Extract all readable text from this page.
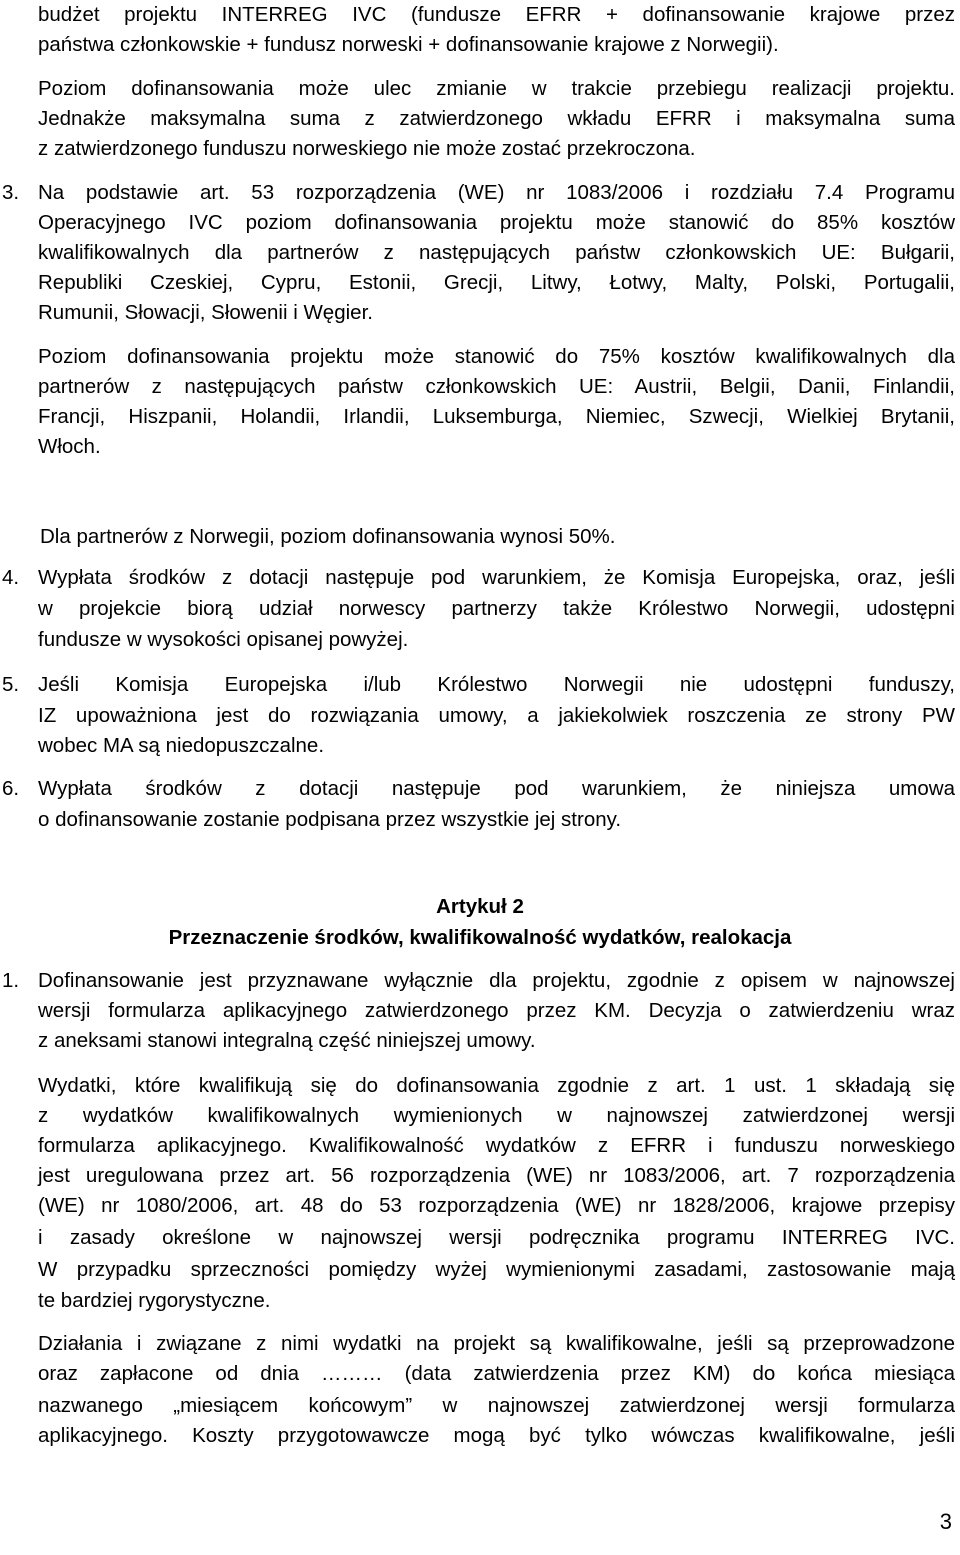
budżet projektu INTERREG IVC (fundusze EFRR + dofinansowanie krajowe przez
państwa członkowskie + fundusz norweski + dofinansowanie krajowe z Norwegii).
Poziom dofinansowania może ulec zmianie w trakcie przebiegu realizacji projektu.
Jednakże maksymalna suma z zatwierdzonego wkładu EFRR i maksymalna suma
z zatwierdzonego funduszu norweskiego nie może zostać przekroczona.
3. Na podstawie art. 53 rozporządzenia (WE) nr 1083/2006 i rozdziału 7.4 Programu
Operacyjnego IVC poziom dofinansowania projektu może stanowić do 85% kosztów
kwalifikowalnych dla partnerów z następujących państw członkowskich UE: Bułgarii,
Republiki Czeskiej, Cypru, Estonii, Grecji, Litwy, Łotwy, Malty, Polski, Portugalii,
Rumunii, Słowacji, Słowenii i Węgier.
Poziom dofinansowania projektu może stanowić do 75% kosztów kwalifikowalnych dla
partnerów z następujących państw członkowskich UE: Austrii, Belgii, Danii, Finlandii,
Francji, Hiszpanii, Holandii, Irlandii, Luksemburga, Niemiec, Szwecji, Wielkiej Brytanii,
Włoch.
Dla partnerów z Norwegii, poziom dofinansowania wynosi 50%.
4. Wypłata środków z dotacji następuje pod warunkiem, że Komisja Europejska, oraz, jeśli
w projekcie biorą udział norwescy partnerzy także Królestwo Norwegii, udostępni
fundusze w wysokości opisanej powyżej.
5. Jeśli Komisja Europejska i/lub Królestwo Norwegii nie udostępni funduszy,
IZ upoważniona jest do rozwiązania umowy, a jakiekolwiek roszczenia ze strony PW
wobec MA są niedopuszczalne.
6. Wypłata środków z dotacji następuje pod warunkiem, że niniejsza umowa
o dofinansowanie zostanie podpisana przez wszystkie jej strony.
Artykuł 2
Przeznaczenie środków, kwalifikowalność wydatków, realokacja
1. Dofinansowanie jest przyznawane wyłącznie dla projektu, zgodnie z opisem w najnowszej
wersji formularza aplikacyjnego zatwierdzonego przez KM. Decyzja o zatwierdzeniu wraz
z aneksami stanowi integralną część niniejszej umowy.
Wydatki, które kwalifikują się do dofinansowania zgodnie z art. 1 ust. 1 składają się
z wydatków kwalifikowalnych wymienionych w najnowszej zatwierdzonej wersji
formularza aplikacyjnego. Kwalifikowalność wydatków z EFRR i funduszu norweskiego
jest uregulowana przez art. 56 rozporządzenia (WE) nr 1083/2006, art. 7 rozporządzenia
(WE) nr 1080/2006, art. 48 do 53 rozporządzenia (WE) nr 1828/2006, krajowe przepisy
i zasady określone w najnowszej wersji podręcznika programu INTERREG IVC.
W przypadku sprzeczności pomiędzy wyżej wymienionymi zasadami, zastosowanie mają
te bardziej rygorystyczne.
Działania i związane z nimi wydatki na projekt są kwalifikowalne, jeśli są przeprowadzone
oraz zapłacone od dnia ……… (data zatwierdzenia przez KM) do końca miesiąca
nazwanego „miesiącem końcowym” w najnowszej zatwierdzonej wersji formularza
aplikacyjnego. Koszty przygotowawcze mogą być tylko wówczas kwalifikowalne, jeśli
3
